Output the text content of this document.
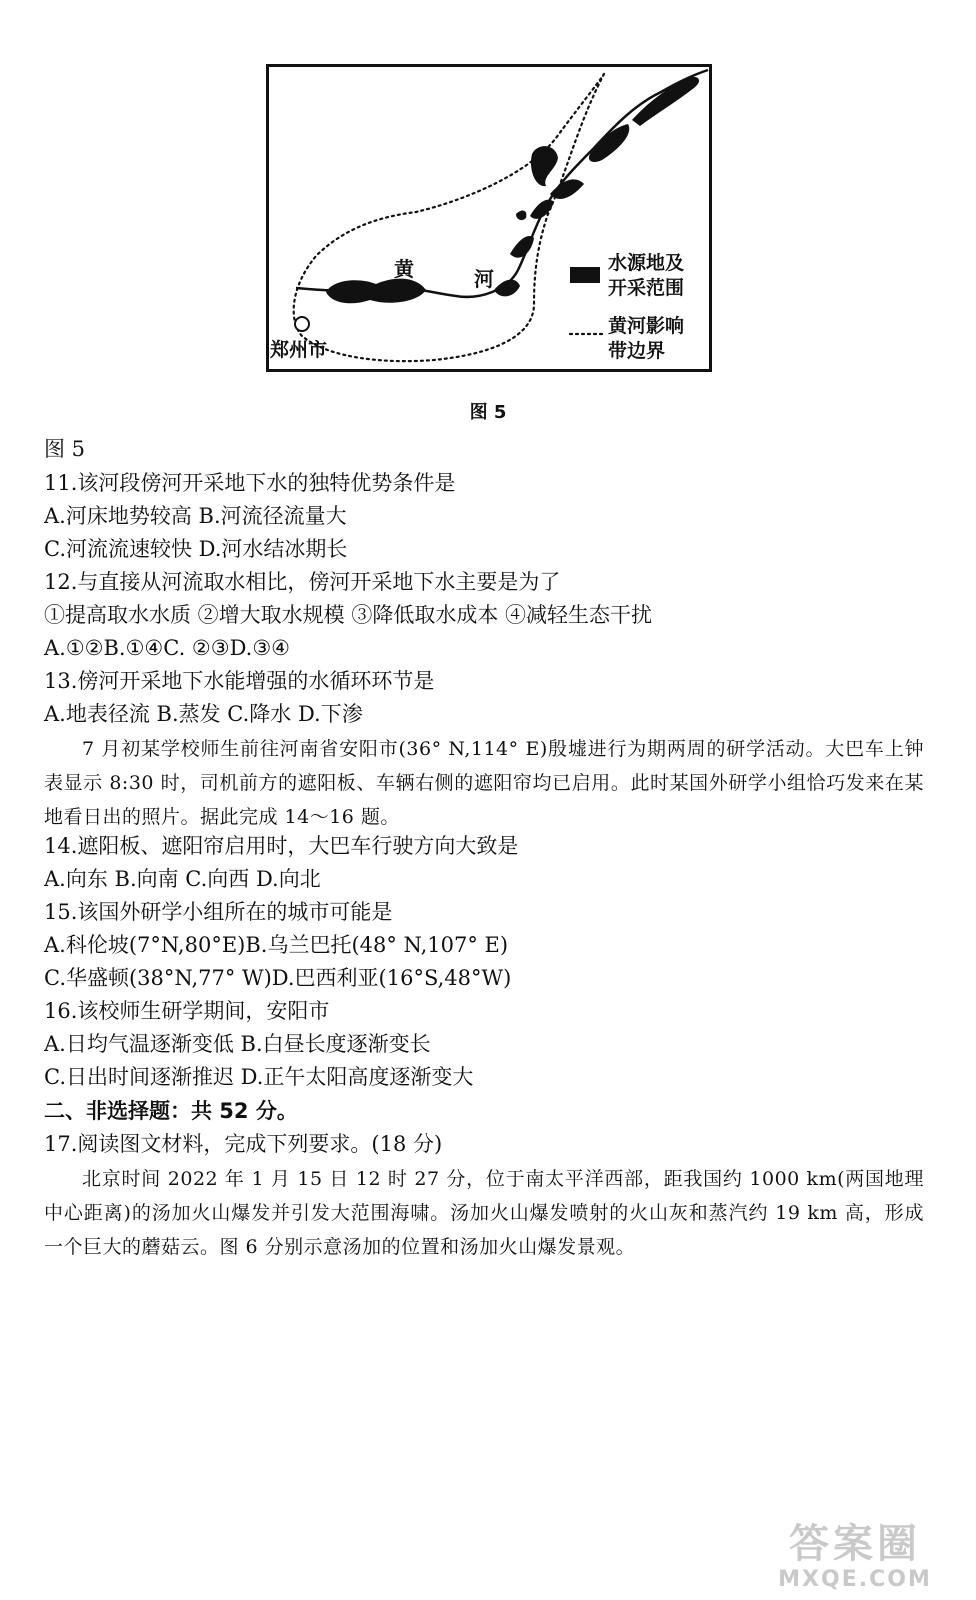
黄	河
郑州市
水源地及
开采范围
黄河影响
带边界
图 5
图 5
11.该河段傍河开采地下水的独特优势条件是
A.河床地势较高 B.河流径流量大
C.河流流速较快 D.河水结冰期长
12.与直接从河流取水相比，傍河开采地下水主要是为了
①提高取水水质 ②增大取水规模 ③降低取水成本 ④减轻生态干扰
A.①②B.①④C. ②③D.③④
13.傍河开采地下水能增强的水循环环节是
A.地表径流 B.蒸发 C.降水 D.下渗
7 月初某学校师生前往河南省安阳市(36° N,114° E)殷墟进行为期两周的研学活动。大巴车上钟表显示 8:30 时，司机前方的遮阳板、车辆右侧的遮阳帘均已启用。此时某国外研学小组恰巧发来在某地看日出的照片。据此完成 14～16 题。
14.遮阳板、遮阳帘启用时，大巴车行驶方向大致是
A.向东 B.向南 C.向西 D.向北
15.该国外研学小组所在的城市可能是
A.科伦坡(7°N,80°E)B.乌兰巴托(48° N,107° E)
C.华盛顿(38°N,77° W)D.巴西利亚(16°S,48°W)
16.该校师生研学期间，安阳市
A.日均气温逐渐变低 B.白昼长度逐渐变长
C.日出时间逐渐推迟 D.正午太阳高度逐渐变大
二、非选择题：共 52 分。
17.阅读图文材料，完成下列要求。(18 分)
北京时间 2022 年 1 月 15 日 12 时 27 分，位于南太平洋西部，距我国约 1000 km(两国地理中心距离)的汤加火山爆发并引发大范围海啸。汤加火山爆发喷射的火山灰和蒸汽约 19 km 高，形成一个巨大的蘑菇云。图 6 分别示意汤加的位置和汤加火山爆发景观。
答案圈
MXQE.COM
